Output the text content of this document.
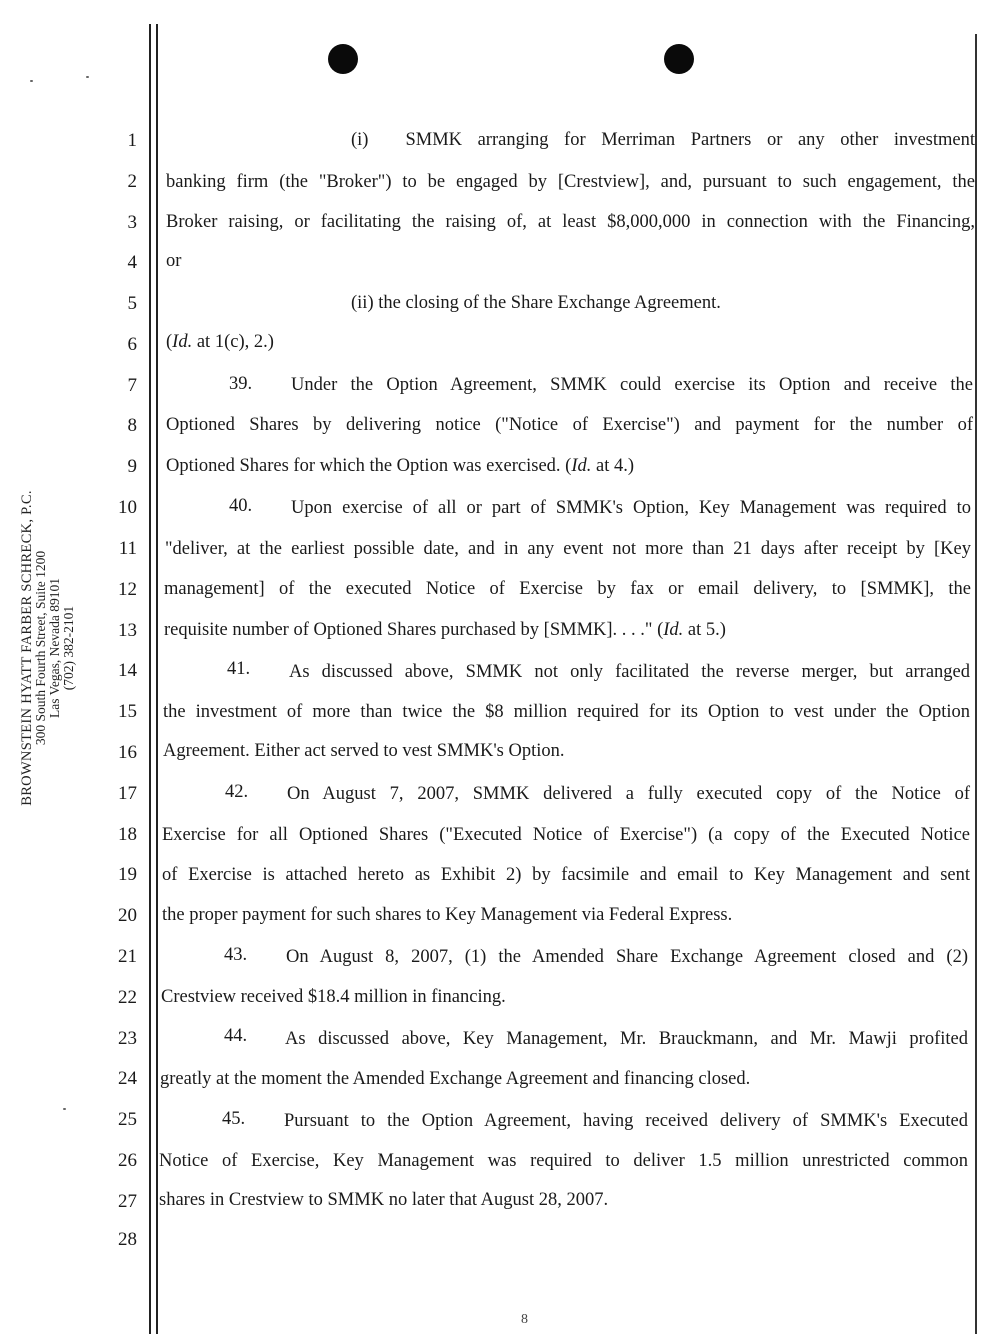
BROWNSTEIN HYATT FARBER SCHRECK, P.C.
300 South Fourth Street, Suite 1200 Las Vegas, Nevada 89101 (702) 382-2101
1
2
3
4
5
6
7
8
9
10
11
12
13
14
15
16
17
18
19
20
21
22
23
24
25
26
27
28
(i)  SMMK arranging for Merriman Partners or any other investment
banking firm (the "Broker") to be engaged by [Crestview], and, pursuant to such engagement, the
Broker raising, or facilitating the raising of, at least $8,000,000 in connection with the Financing,
or
(ii) the closing of the Share Exchange Agreement.
(Id. at 1(c), 2.)
39. Under the Option Agreement, SMMK could exercise its Option and receive the
Optioned Shares by delivering notice ("Notice of Exercise") and payment for the number of
Optioned Shares for which the Option was exercised. (Id. at 4.)
40. Upon exercise of all or part of SMMK's Option, Key Management was required to
"deliver, at the earliest possible date, and in any event not more than 21 days after receipt by [Key
management] of the executed Notice of Exercise by fax or email delivery, to [SMMK], the
requisite number of Optioned Shares purchased by [SMMK]. . . ." (Id. at 5.)
41. As discussed above, SMMK not only facilitated the reverse merger, but arranged
the investment of more than twice the $8 million required for its Option to vest under the Option
Agreement. Either act served to vest SMMK's Option.
42. On August 7, 2007, SMMK delivered a fully executed copy of the Notice of
Exercise for all Optioned Shares ("Executed Notice of Exercise") (a copy of the Executed Notice
of Exercise is attached hereto as Exhibit 2) by facsimile and email to Key Management and sent
the proper payment for such shares to Key Management via Federal Express.
43. On August 8, 2007, (1) the Amended Share Exchange Agreement closed and (2)
Crestview received $18.4 million in financing.
44. As discussed above, Key Management, Mr. Brauckmann, and Mr. Mawji profited
greatly at the moment the Amended Exchange Agreement and financing closed.
45. Pursuant to the Option Agreement, having received delivery of SMMK's Executed
Notice of Exercise, Key Management was required to deliver 1.5 million unrestricted common
shares in Crestview to SMMK no later that August 28, 2007.
8
